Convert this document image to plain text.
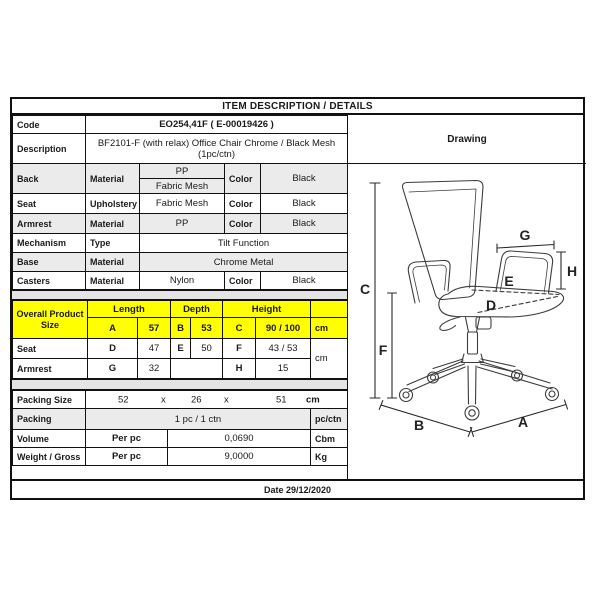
ITEM DESCRIPTION / DETAILS
Code	EO254,41F ( E-00019426 )			
Description	BF2101-F (with relax) Office Chair Chrome / Black Mesh (1pc/ctn)			
Back	Material	PP	Color	Black
		Fabric Mesh		
Seat	Upholstery	Fabric Mesh	Color	Black
Armrest	Material	PP	Color	Black
Mechanism	Type	Tilt Function		
Base	Material	Chrome Metal		
Casters	Material	Nylon	Color	Black
Overall Product Size	Length		Depth		Height		
	A	57	B	53	C	90 / 100	cm
Seat	D	47	E	50	F	43 / 53	cm
Armrest	G	32			H	15	
Packing Size	52	x	26 x	51 cm

Packing	1 pc / 1 ctn		pc/ctn
Volume	Per pc	0,0690	Cbm
Weight / Gross	Per pc	9,0000	Kg
Drawing
C
F
G
H
E
D
B	A
Date 29/12/2020
